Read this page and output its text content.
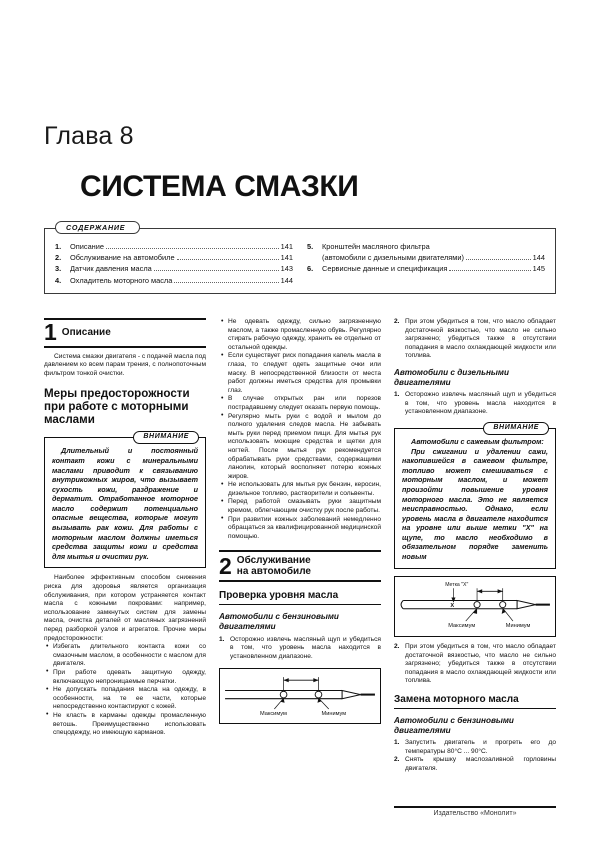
Глава 8
СИСТЕМА СМАЗКИ
СОДЕРЖАНИЕ
1.	Описание	141
2.	Обслуживание на автомобиле	141
3.	Датчик давления масла	143
4.	Охладитель моторного масла	144
5.	Кронштейн масляного фильтра
(автомобили с дизельными двигателями)	144
6.	Сервисные данные и спецификация	145
1 Описание

Система смазки двигателя - с подачей масла под давлением ко всем парам трения, с полнопоточным фильтром тонкой очистки.

Меры предосторожности при работе с моторными маслами
ВНИМАНИЕ

Длительный и постоянный контакт кожи с минеральными маслами приводит к связыванию внутрикожных жиров, что вызывает сухость кожи, раздражение и дерматит. Отработанное моторное масло содержит потенциально опасные вещества, которые могут вызывать рак кожи. Для работы с моторным маслом должны иметься средства защиты кожи и средства для мытья и очистки рук.

Наиболее эффективным способом снижения риска для здоровья является организация обслуживания, при котором устраняется контакт масла с кожными покровами: например, использование замкнутых систем для замены масла, очистка деталей от масляных загрязнений перед разборкой узлов и агрегатов. Прочие меры предосторожности:

• Избегать длительного контакта кожи со смазочным маслом, в особенности с маслом для двигателя.

• При работе одевать защитную одежду, включающую непроницаемые перчатки.

• Не допускать попадания масла на одежду, в особенности, на те ее части, которые непосредственно контактируют с кожей.

• Не класть в карманы одежды промасленную ветошь. Преимущественно использовать спецодежду, но имеющую карманов.

• Не одевать одежду, сильно загрязненную маслом, а также промасленную обувь. Регулярно стирать рабочую одежду, хранить ее отдельно от остальной одежды.

• Если существует риск попадания капель масла в глаза, то следует одеть защитные очки или маску. В непосредственной близости от места работ должны иметься средства для промывки глаз.

• В случае открытых ран или порезов пострадавшему следует оказать первую помощь.

• Регулярно мыть руки с водой и мылом до полного удаления следов масла. Не забывать мыть руки перед приемом пищи. Для мытья рук использовать моющие средства и щетки для ногтей. После мытья рук рекомендуется обрабатывать руки средствами, содержащими ланолин, который восполняет потерю кожных жиров.

• Не использовать для мытья рук бензин, керосин, дизельное топливо, растворители и сольвенты.

• Перед работой смазывать руки защитным кремом, облегчающим очистку рук после работы.

• При развитии кожных заболеваний немедленно обращаться за квалифицированной медицинской помощью.

2 Обслуживание
на автомобиле
Проверка уровня масла
Автомобили с бензиновыми двигателями

1. Осторожно извлечь масляный щуп и убедиться в том, что уровень масла находится в установленном диапазоне.

Максимум	Минимум

2. При этом убедиться в том, что масло обладает достаточной вязкостью, что масло не сильно загрязнено; убедиться также в отсутствии попадания в масло охлаждающей жидкости или топлива.

Автомобили с дизельными двигателями

1. Осторожно извлечь масляный щуп и убедиться в том, что уровень масла находится в установленном диапазоне.

ВНИМАНИЕ

Автомобили с сажевым фильтром:

При сжигании и удалении сажи, накопившейся в сажевом фильтре, топливо может смешиваться с моторным маслом, и может произойти повышение уровня моторного масла. Это не является неисправностью. Однако, если уровень масла в двигателе находится на уровне или выше метки "X" на щупе, то масло необходимо в обязательном порядке заменить новым

Метка "X"
X
Максимум	Минимум

2. При этом убедиться в том, что масло обладает достаточной вязкостью, что масло не сильно загрязнено; убедиться также в отсутствии попадания в масло охлаждающей жидкости или топлива.

Замена моторного масла
Автомобили с бензиновыми двигателями

1. Запустить двигатель и прогреть его до температуры 80°C ... 90°C.

2. Снять крышку маслозаливной горловины двигателя.

Издательство «Монолит»
